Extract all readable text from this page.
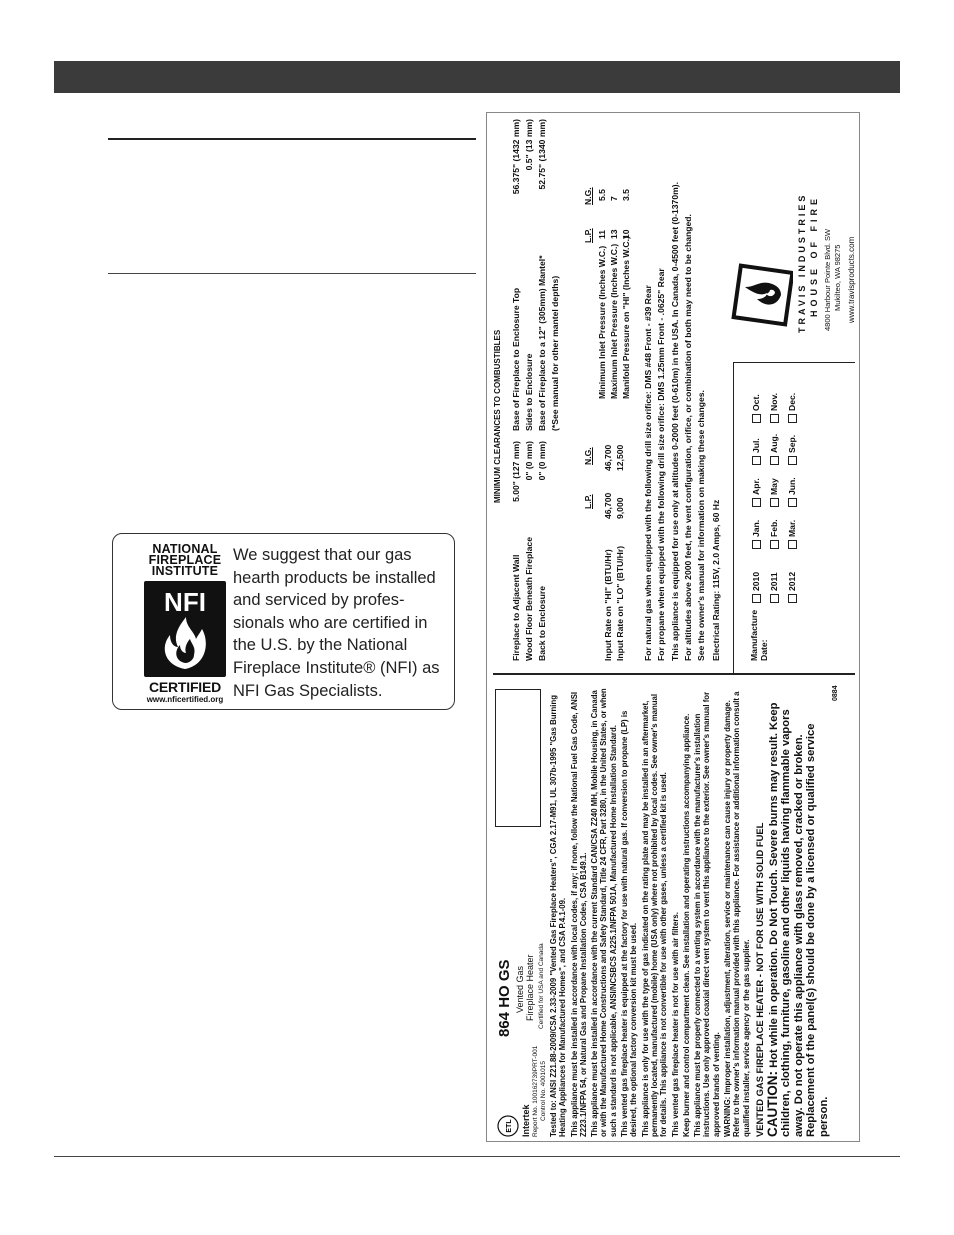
NATIONAL
FIREPLACE
INSTITUTE
NFI
CERTIFIED
www.nficertified.org
We suggest that our gas hearth products be installed and serviced by profes-sionals who are certified in the U.S. by the National Fireplace Institute® (NFI) as NFI Gas Specialists.
ETL Intertek Report No. 100162739PRT-001 Control No. 4001015
864 HO GS Vented Gas Fireplace Heater Certified for USA and Canada Tested to: ANSI Z21.88-2009/CSA 2.33-2009 "Vented Gas Fireplace Heaters", CGA 2.17-M91, UL 307b-1995 "Gas Burning Heating Appliances for Manufactured Homes", and CSA P.4.1-09. This appliance must be installed in accordance with local codes, if any; if none, follow the National Fuel Gas Code, ANSI Z223.1/NFPA 54, or Natural Gas and Propane Installation Codes, CSA B149.1. This appliance must be installed in accordance with the current Standard CAN/CSA Z240 MH, Mobile Housing, in Canada or with the Manufactured Home Constructions and Safety Standard, Title 24 CFR, Part 3280, in the United States, or when such a standard is not applicable, ANSI/NCSBCS A225.1/NFPA 501A, Manufactured Home Installation Standard. This vented gas fireplace heater is equipped at the factory for use with natural gas. If conversion to propane (LP) is desired, the optional factory conversion kit must be used. This appliance is only for use with the type of gas indicated on the rating plate and may be installed in an aftermarket, permanently located, manufactured (mobile) home (USA only) where not prohibited by local codes. See owner's manual for details. This appliance is not convertible for use with other gases, unless a certified kit is used. This vented gas fireplace heater is not for use with air filters. Keep burner and control compartment clean. See installation and operating instructions accompanying appliance. This appliance must be properly connected to a venting system in accordance with the manufacturer's installation instructions. Use only approved coaxial direct vent system to vent this appliance to the exterior. See owner's manual for approved brands of venting. WARNING: Improper installation, adjustment, alteration, service or maintenance can cause injury or property damage. Refer to the owner's information manual provided with this appliance. For assistance or additional information consult a qualified installer, service agency or the gas supplier. VENTED GAS FIREPLACE HEATER - NOT FOR USE WITH SOLID FUEL CAUTION: Hot while in operation. Do Not Touch. Severe burns may result. Keep children, clothing, furniture, gasoline and other liquids having flammable vapors away. Do not operate this appliance with glass removed, cracked or broken. Replacement of the panel(s) should be done by a licensed or qualified service person.
0884
MINIMUM CLEARANCES TO COMBUSTIBLES
Fireplace to Adjacent Wall Wood Floor Beneath Fireplace Back to Enclosure
5.00" (127 mm) 0" (0 mm) 0" (0 mm)
Base of Fireplace to Enclosure Top Sides to Enclosure Base of Fireplace to a 12" (305mm) Mantel* (*See manual for other mantel depths)
56.375" (1432 mm) 0.5" (13 mm) 52.75" (1340 mm)
L.P.
N.G.
Input Rate on "HI" (BTU/Hr) Input Rate on "LO" (BTU/Hr)
46,700 9,000
46,700 12,500
L.P.
N.G.
Minimum Inlet Pressure (Inches W.C.) Maximum Inlet Pressure (Inches W.C.) Manifold Pressure on "HI" (Inches W.C.)
11 13 10
5.5 7 3.5
For natural gas when equipped with the following drill size orifice: DMS #48 Front - #39 Rear For propane when equipped with the following drill size orifice: DMS 1.25mm Front - .0625" Rear This appliance is equipped for use only at altitudes 0-2000 feet (0-610m) in the USA. In Canada, 0-4500 feet (0-1370m). For altitudes above 2000 feet, the vent configuration, orifice, or combination of both may need to be changed. See the owner's manual for information on making these changes. Electrical Rating: 115V, 2.0 Amps, 60 Hz	Manufacture Date:
2010 2011 2012
Jan. Feb. Mar.
Apr. May Jun.
Jul. Aug. Sep.
Oct. Nov. Dec.
TRAVIS INDUSTRIES HOUSE OF FIRE 4800 Harbour Pointe Blvd. SW Mukilteo, WA 98275 www.travisproducts.com
